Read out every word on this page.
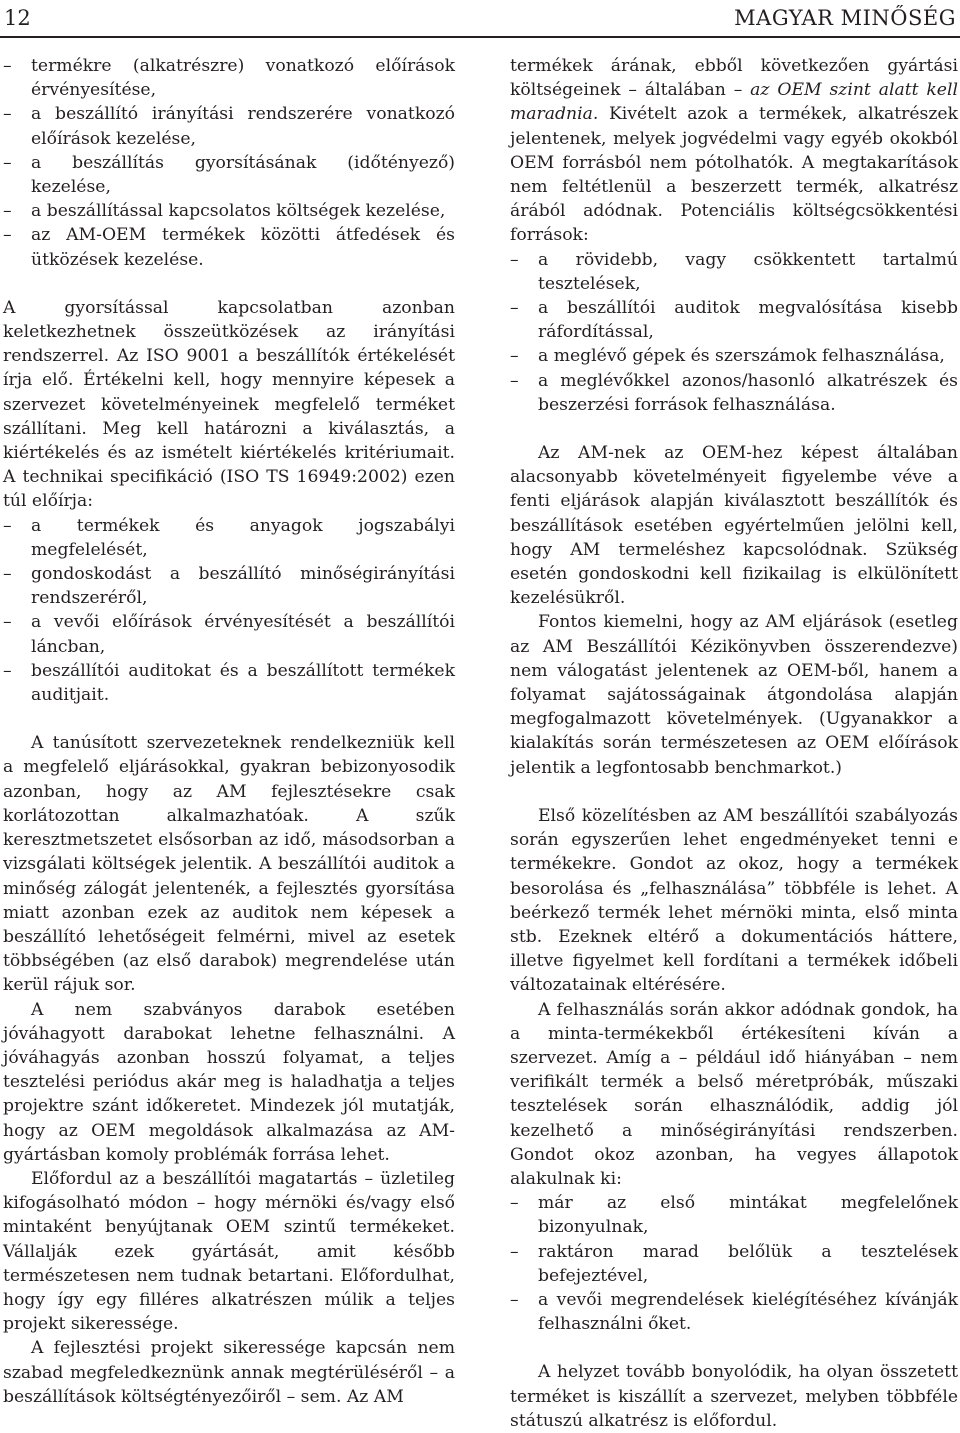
12	MAGYAR MINŐSÉG
– termékre (alkatrészre) vonatkozó előírások érvényesítése,
– a beszállító irányítási rendszerére vonatkozó előírások kezelése,
– a beszállítás gyorsításának (időtényező) kezelése,
– a beszállítással kapcsolatos költségek kezelése,
– az AM-OEM termékek közötti átfedések és ütközések kezelése.

A gyorsítással kapcsolatban azonban keletkezhetnek összeütközések az irányítási rendszerrel. Az ISO 9001 a beszállítók értékelését írja elő. Értékelni kell, hogy mennyire képesek a szervezet követelményeinek megfelelő terméket szállítani. Meg kell határozni a kiválasztás, a kiértékelés és az ismételt kiértékelés kritériumait. A technikai specifikáció (ISO TS 16949:2002) ezen túl előírja:

– a termékek és anyagok jogszabályi megfelelését,
– gondoskodást a beszállító minőségirányítási rendszeréről,
– a vevői előírások érvényesítését a beszállítói láncban,
– beszállítói auditokat és a beszállított termékek auditjait.

A tanúsított szervezeteknek rendelkezniük kell a megfelelő eljárásokkal, gyakran bebizonyosodik azonban, hogy az AM fejlesztésekre csak korlátozottan alkalmazhatóak. A szűk keresztmetszetet elsősorban az idő, másodsorban a vizsgálati költségek jelentik. A beszállítói auditok a minőség zálogát jelentenék, a fejlesztés gyorsítása miatt azonban ezek az auditok nem képesek a beszállító lehetőségeit felmérni, mivel az esetek többségében (az első darabok) megrendelése után kerül rájuk sor.

A nem szabványos darabok esetében jóváhagyott darabokat lehetne felhasználni. A jóváhagyás azonban hosszú folyamat, a teljes tesztelési periódus akár meg is haladhatja a teljes projektre szánt időkeretet. Mindezek jól mutatják, hogy az OEM megoldások alkalmazása az AM-gyártásban komoly problémák forrása lehet.

Előfordul az a beszállítói magatartás – üzletileg kifogásolható módon – hogy mérnöki és/vagy első mintaként benyújtanak OEM szintű termékeket. Vállalják ezek gyártását, amit később természetesen nem tudnak betartani. Előfordulhat, hogy így egy filléres alkatrészen múlik a teljes projekt sikeressége.

A fejlesztési projekt sikeressége kapcsán nem szabad megfeledkeznünk annak megtérüléséről – a beszállítások költségtényezőiről – sem. Az AM

termékek árának, ebből következően gyártási költségeinek – általában – az OEM szint alatt kell maradnia. Kivételt azok a termékek, alkatrészek jelentenek, melyek jogvédelmi vagy egyéb okokból OEM forrásból nem pótolhatók. A megtakarítások nem feltétlenül a beszerzett termék, alkatrész árából adódnak. Potenciális költségcsökkentési források:

– a rövidebb, vagy csökkentett tartalmú tesztelések,
– a beszállítói auditok megvalósítása kisebb ráfordítással,
– a meglévő gépek és szerszámok felhasználása,
– a meglévőkkel azonos/hasonló alkatrészek és beszerzési források felhasználása.

Az AM-nek az OEM-hez képest általában alacsonyabb követelményeit figyelembe véve a fenti eljárások alapján kiválasztott beszállítók és beszállítások esetében egyértelműen jelölni kell, hogy AM termeléshez kapcsolódnak. Szükség esetén gondoskodni kell fizikailag is elkülönített kezelésükről.

Fontos kiemelni, hogy az AM eljárások (esetleg az AM Beszállítói Kézikönyvben összerendezve) nem válogatást jelentenek az OEM-ből, hanem a folyamat sajátosságainak átgondolása alapján megfogalmazott követelmények. (Ugyanakkor a kialakítás során természetesen az OEM előírások jelentik a legfontosabb benchmarkot.)

Első közelítésben az AM beszállítói szabályozás során egyszerűen lehet engedményeket tenni e termékekre. Gondot az okoz, hogy a termékek besorolása és „felhasználása” többféle is lehet. A beérkező termék lehet mérnöki minta, első minta stb. Ezeknek eltérő a dokumentációs háttere, illetve figyelmet kell fordítani a termékek időbeli változatainak eltérésére.

A felhasználás során akkor adódnak gondok, ha a minta-termékekből értékesíteni kíván a szervezet. Amíg a – például idő hiányában – nem verifikált termék a belső méretpróbák, műszaki tesztelések során elhasználódik, addig jól kezelhető a minőségirányítási rendszerben. Gondot okoz azonban, ha vegyes állapotok alakulnak ki:

– már az első mintákat megfelelőnek bizonyulnak,
– raktáron marad belőlük a tesztelések befejeztével,
– a vevői megrendelések kielégítéséhez kívánják felhasználni őket.

A helyzet tovább bonyolódik, ha olyan összetett terméket is kiszállít a szervezet, melyben többféle státuszú alkatrész is előfordul.
